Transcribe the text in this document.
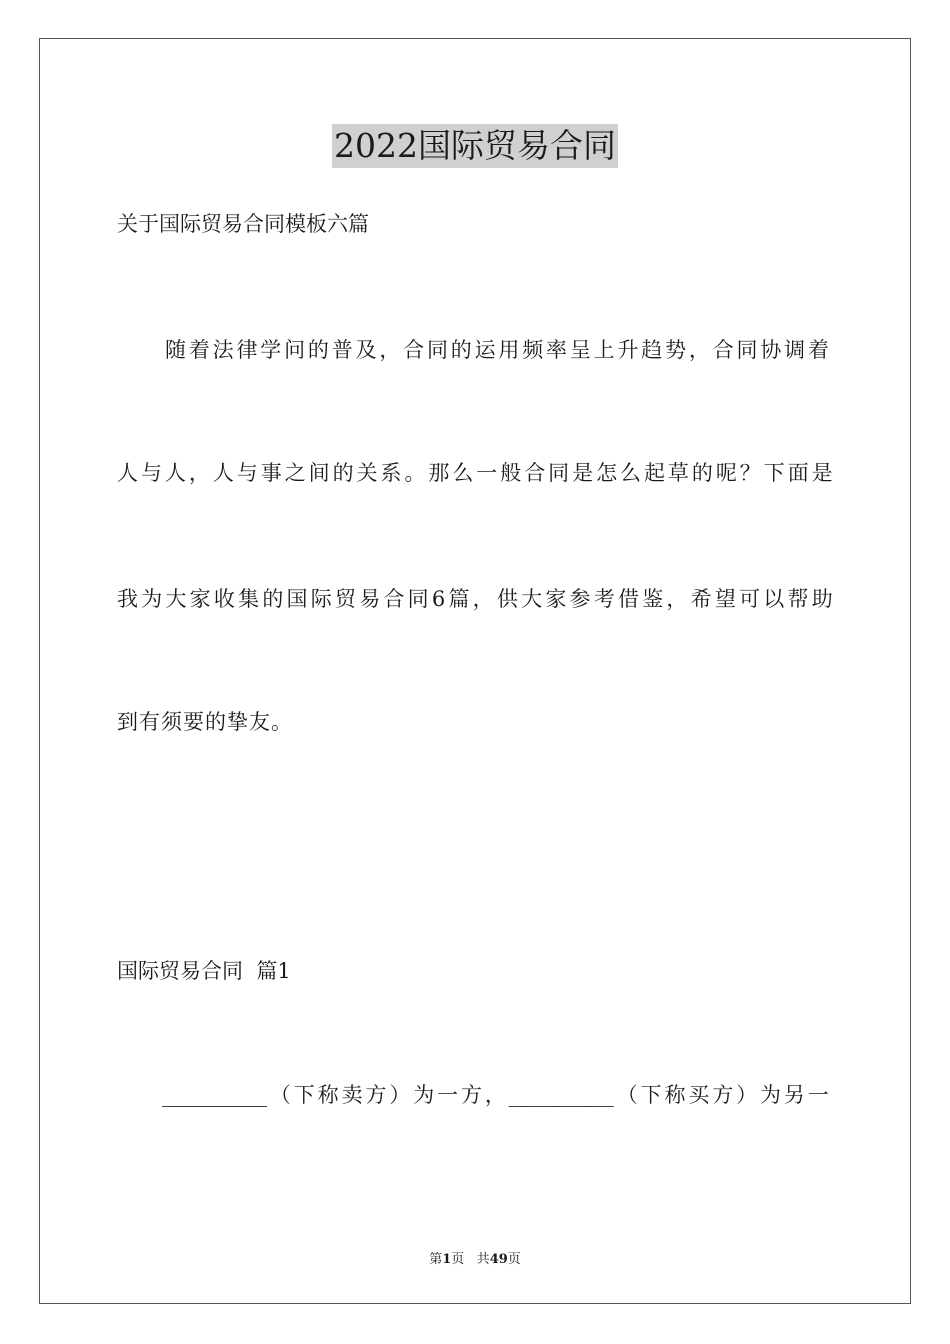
2022国际贸易合同
关于国际贸易合同模板六篇
随 着 法 律 学 问 的 普 及 ， 合 同 的 运 用 频 率 呈 上 升 趋 势 ， 合 同 协 调 着
人 与 人 ， 人 与 事 之 间 的 关 系 。 那 么 一 般 合 同 是 怎 么 起 草 的 呢 ？ 下 面 是
我 为 大 家 收 集 的 国 际 贸 易 合 同 6 篇 ， 供 大 家 参 考 借 鉴 ， 希 望 可 以 帮 助
到有须要的挚友。
国际贸易合同  篇1
__________ （ 下 称 卖 方 ） 为 一 方 ， __________ （ 下 称 买 方 ） 为 另 一
第1页 共49页
